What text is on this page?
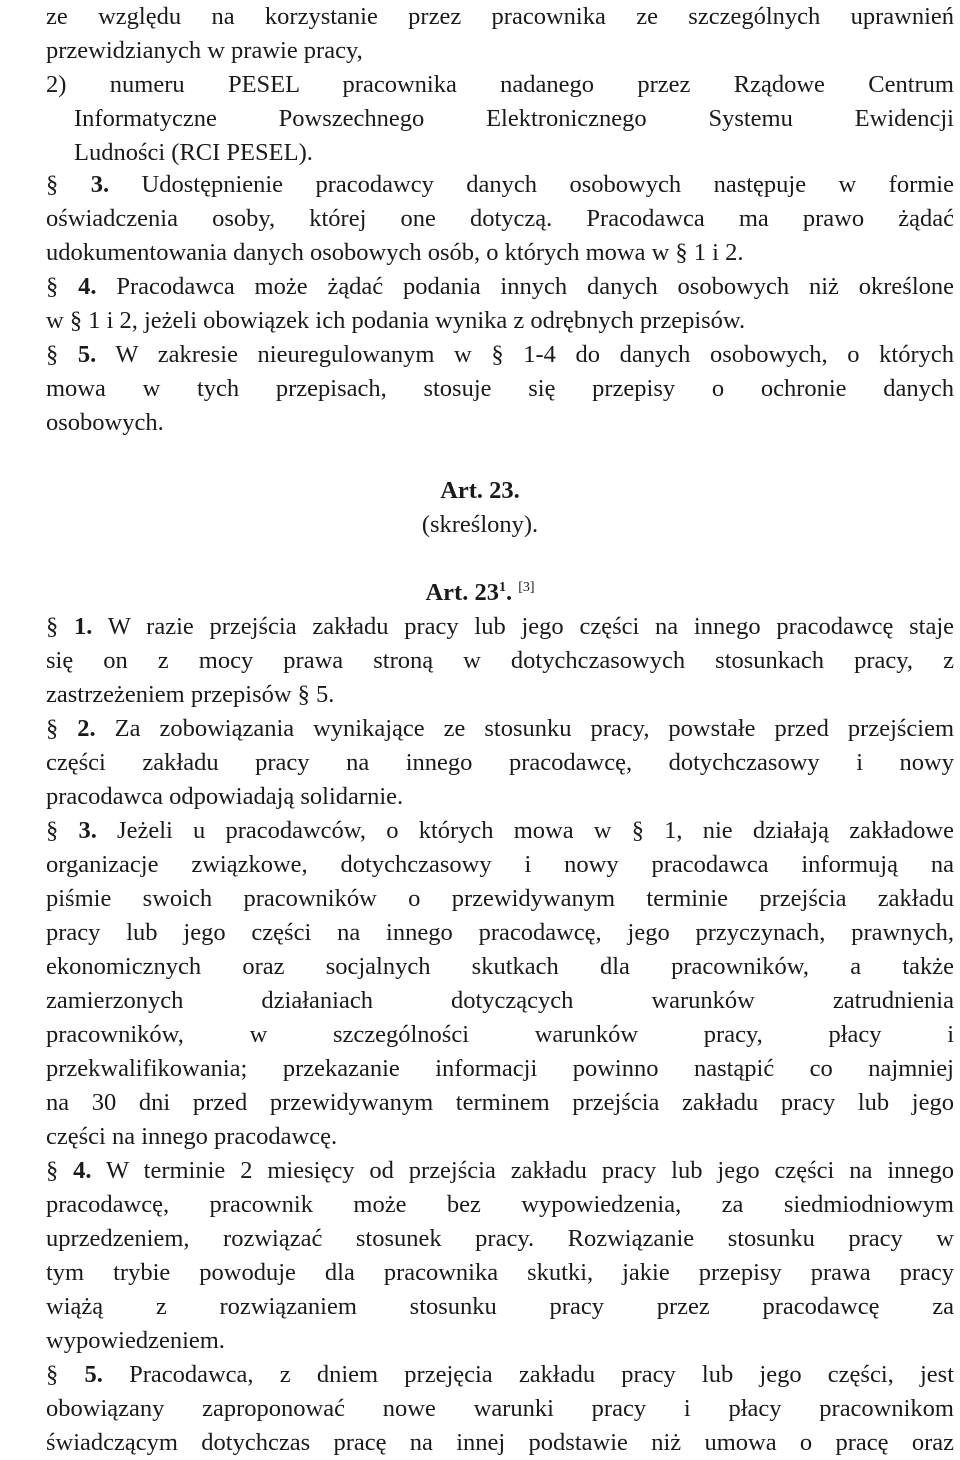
ze względu na korzystanie przez pracownika ze szczególnych uprawnień
przewidzianych w prawie pracy,
2) numeru PESEL pracownika nadanego przez Rządowe Centrum
Informatyczne Powszechnego Elektronicznego Systemu Ewidencji
Ludności (RCI PESEL).
§ 3. Udostępnienie pracodawcy danych osobowych następuje w formie
oświadczenia osoby, której one dotyczą. Pracodawca ma prawo żądać
udokumentowania danych osobowych osób, o których mowa w § 1 i 2.
§ 4. Pracodawca może żądać podania innych danych osobowych niż określone
w § 1 i 2, jeżeli obowiązek ich podania wynika z odrębnych przepisów.
§ 5. W zakresie nieuregulowanym w § 1-4 do danych osobowych, o których
mowa w tych przepisach, stosuje się przepisy o ochronie danych
osobowych.
Art. 23.
(skreślony).
Art. $23^1$. [3]
§ 1. W razie przejścia zakładu pracy lub jego części na innego pracodawcę staje
się on z mocy prawa stroną w dotychczasowych stosunkach pracy, z
zastrzeżeniem przepisów § 5.
§ 2. Za zobowiązania wynikające ze stosunku pracy, powstałe przed przejściem
części zakładu pracy na innego pracodawcę, dotychczasowy i nowy
pracodawca odpowiadają solidarnie.
§ 3. Jeżeli u pracodawców, o których mowa w § 1, nie działają zakładowe
organizacje związkowe, dotychczasowy i nowy pracodawca informują na
piśmie swoich pracowników o przewidywanym terminie przejścia zakładu
pracy lub jego części na innego pracodawcę, jego przyczynach, prawnych,
ekonomicznych oraz socjalnych skutkach dla pracowników, a także
zamierzonych działaniach dotyczących warunków zatrudnienia
pracowników, w szczególności warunków pracy, płacy i
przekwalifikowania; przekazanie informacji powinno nastąpić co najmniej
na 30 dni przed przewidywanym terminem przejścia zakładu pracy lub jego
części na innego pracodawcę.
§ 4. W terminie 2 miesięcy od przejścia zakładu pracy lub jego części na innego
pracodawcę, pracownik może bez wypowiedzenia, za siedmiodniowym
uprzedzeniem, rozwiązać stosunek pracy. Rozwiązanie stosunku pracy w
tym trybie powoduje dla pracownika skutki, jakie przepisy prawa pracy
wiążą z rozwiązaniem stosunku pracy przez pracodawcę za
wypowiedzeniem.
§ 5. Pracodawca, z dniem przejęcia zakładu pracy lub jego części, jest
obowiązany zaproponować nowe warunki pracy i płacy pracownikom
świadczącym dotychczas pracę na innej podstawie niż umowa o pracę oraz
